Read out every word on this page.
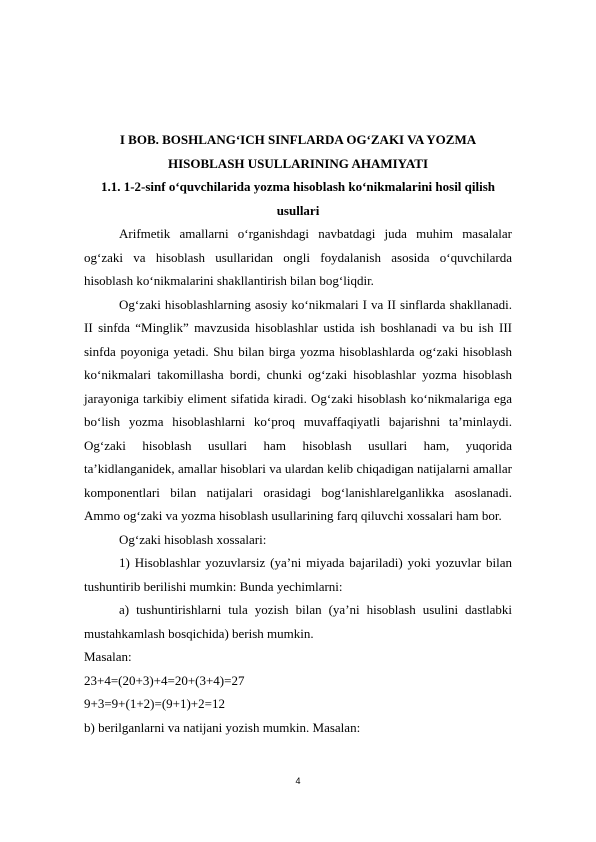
I BOB. BOSHLANG‘ICH SINFLARDA OG‘ZAKI VA YOZMA
HISOBLASH USULLARINING AHAMIYATI

1.1. 1-2-sinf o‘quvchilarida yozma hisoblash ko‘nikmalarini hosil qilish
usullari

Arifmetik amallarni o‘rganishdagi navbatdagi juda muhim masalalar og‘zaki va hisoblash usullaridan ongli foydalanish asosida o‘quvchilarda hisoblash ko‘nikmalarini shakllantirish bilan bog‘liqdir.

Og‘zaki hisoblashlarning asosiy ko‘nikmalari I va II sinflarda shakllanadi. II sinfda “Minglik” mavzusida hisoblashlar ustida ish boshlanadi va bu ish III sinfda poyoniga yetadi. Shu bilan birga yozma hisoblashlarda og‘zaki hisoblash ko‘nikmalari takomillasha bordi, chunki og‘zaki hisoblashlar yozma hisoblash jarayoniga tarkibiy eliment sifatida kiradi. Og‘zaki hisoblash ko‘nikmalariga ega bo‘lish yozma hisoblashlarni ko‘proq muvaffaqiyatli bajarishni ta’minlaydi. Og‘zaki hisoblash usullari ham hisoblash usullari ham, yuqorida ta’kidlanganidek, amallar hisoblari va ulardan kelib chiqadigan natijalarni amallar komponentlari bilan natijalari orasidagi bog‘lanishlarelganlikka asoslanadi. Ammo og‘zaki va yozma hisoblash usullarining farq qiluvchi xossalari ham bor.

Og‘zaki hisoblash xossalari:

1) Hisoblashlar yozuvlarsiz (ya’ni miyada bajariladi) yoki yozuvlar bilan tushuntirib berilishi mumkin: Bunda yechimlarni:

a) tushuntirishlarni tula yozish bilan (ya’ni hisoblash usulini dastlabki mustahkamlash bosqichida) berish mumkin.

Masalan:

23+4=(20+3)+4=20+(3+4)=27

9+3=9+(1+2)=(9+1)+2=12

b) berilganlarni va natijani yozish mumkin. Masalan:

4
